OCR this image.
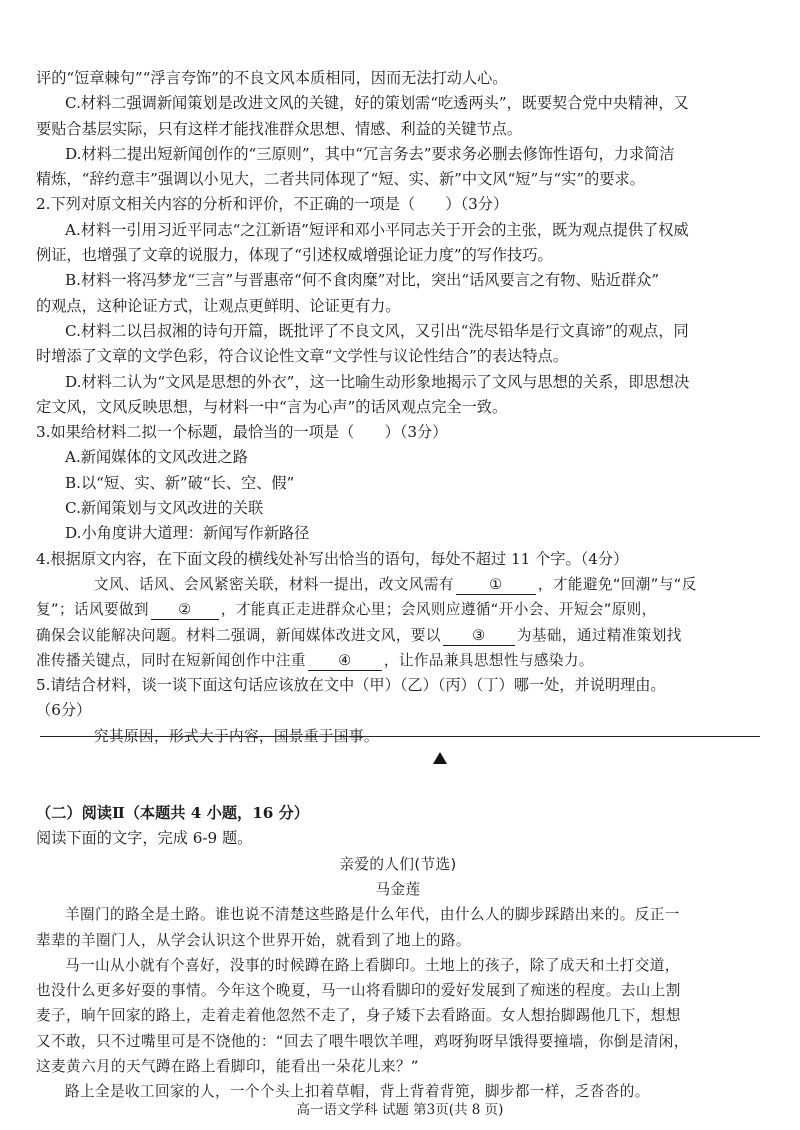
评的“饾章棘句”“浮言夸饰”的不良文风本质相同，因而无法打动人心。
C.材料二强调新闻策划是改进文风的关键，好的策划需“吃透两头”，既要契合党中央精神，又
要贴合基层实际，只有这样才能找准群众思想、情感、利益的关键节点。
D.材料二提出短新闻创作的“三原则”，其中“冗言务去”要求务必删去修饰性语句，力求简洁
精炼，“辞约意丰”强调以小见大，二者共同体现了“短、实、新”中文风“短”与“实”的要求。
2.下列对原文相关内容的分析和评价，不正确的一项是（　　）（3分）
A.材料一引用习近平同志“之江新语”短评和邓小平同志关于开会的主张，既为观点提供了权威
例证，也增强了文章的说服力，体现了“引述权威增强论证力度”的写作技巧。
B.材料一将冯梦龙“三言”与晋惠帝“何不食肉糜”对比，突出“话风要言之有物、贴近群众”
的观点，这种论证方式，让观点更鲜明、论证更有力。
C.材料二以吕叔湘的诗句开篇，既批评了不良文风，又引出“洗尽铅华是行文真谛”的观点，同
时增添了文章的文学色彩，符合议论性文章“文学性与议论性结合”的表达特点。
D.材料二认为“文风是思想的外衣”，这一比喻生动形象地揭示了文风与思想的关系，即思想决
定文风，文风反映思想，与材料一中“言为心声”的话风观点完全一致。
3.如果给材料二拟一个标题，最恰当的一项是（　　）（3分）
A.新闻媒体的文风改进之路
B.以“短、实、新”破“长、空、假”
C.新闻策划与文风改进的关联
D.小角度讲大道理：新闻写作新路径
4.根据原文内容，在下面文段的横线处补写出恰当的语句，每处不超过 11 个字。（4分）
文风、话风、会风紧密关联，材料一提出，改文风需有 ① ，才能避免“回潮”与“反
复”；话风要做到 ② ，才能真正走进群众心里；会风则应遵循“开小会、开短会”原则，
确保会议能解决问题。材料二强调，新闻媒体改进文风，要以 ③ 为基础，通过精准策划找
准传播关键点，同时在短新闻创作中注重 ④ ，让作品兼具思想性与感染力。
5.请结合材料，谈一谈下面这句话应该放在文中（甲）（乙）（丙）（丁）哪一处，并说明理由。
（6分）
究其原因，形式大于内容，国景重于国事。
（二）阅读Ⅱ（本题共 4 小题，16 分）
阅读下面的文字，完成 6-9 题。
亲爱的人们(节选)
马金莲
羊圈门的路全是土路。谁也说不清楚这些路是什么年代，由什么人的脚步踩踏出来的。反正一
辈辈的羊圈门人，从学会认识这个世界开始，就看到了地上的路。
马一山从小就有个喜好，没事的时候蹲在路上看脚印。土地上的孩子，除了成天和土打交道，
也没什么更多好耍的事情。今年这个晚夏，马一山将看脚印的爱好发展到了痴迷的程度。去山上割
麦子，晌午回家的路上，走着走着他忽然不走了，身子矮下去看路面。女人想抬脚踢他几下，想想
又不敢，只不过嘴里可是不饶他的：“回去了喂牛喂饮羊哩，鸡呀狗呀早饿得要撞墙，你倒是清闲，
这麦黄六月的天气蹲在路上看脚印，能看出一朵花儿来？”
路上全是收工回家的人，一个个头上扣着草帽，背上背着背篼，脚步都一样，乏沓沓的。
高一语文学科 试题 第3页(共 8 页)
